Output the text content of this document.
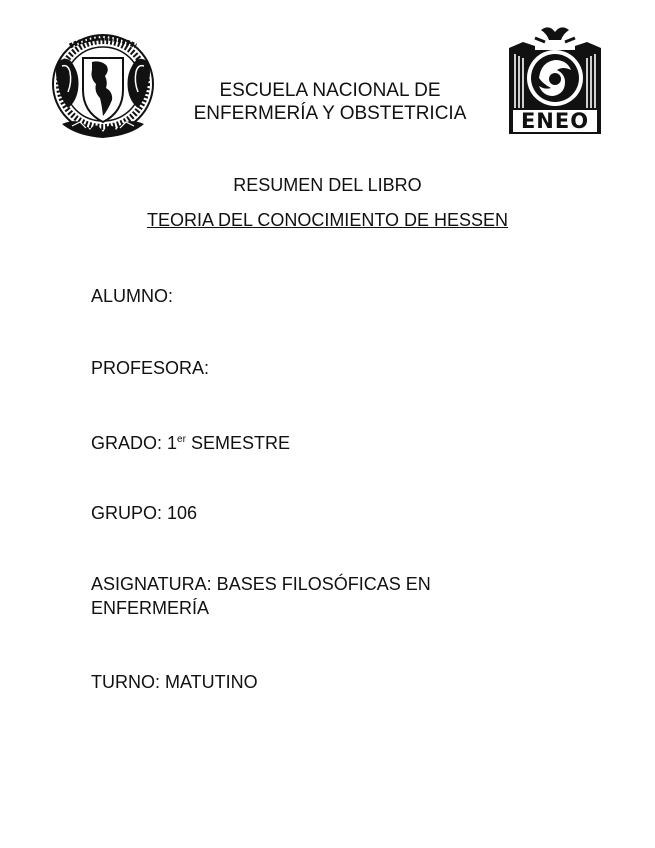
ENEO
ESCUELA NACIONAL DE
ENFERMERÍA Y OBSTETRICIA
RESUMEN DEL LIBRO
TEORIA DEL CONOCIMIENTO DE HESSEN
ALUMNO:
PROFESORA:
GRADO: 1er SEMESTRE
GRUPO: 106
ASIGNATURA: BASES FILOSÓFICAS EN
ENFERMERÍA
TURNO: MATUTINO
